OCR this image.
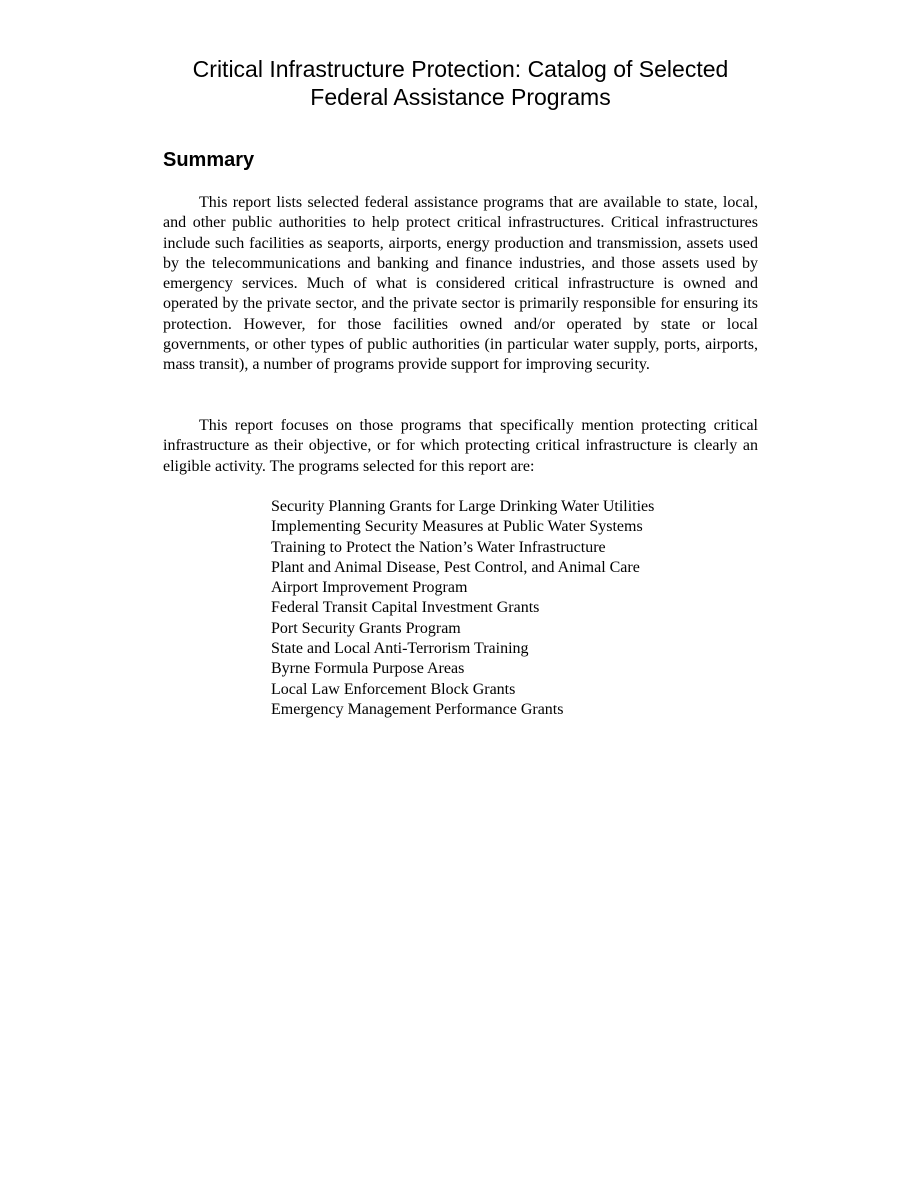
Critical Infrastructure Protection: Catalog of Selected
Federal Assistance Programs
Summary

This report lists selected federal assistance programs that are available to state, local, and other public authorities to help protect critical infrastructures. Critical infrastructures include such facilities as seaports, airports, energy production and transmission, assets used by the telecommunications and banking and finance industries, and those assets used by emergency services. Much of what is considered critical infrastructure is owned and operated by the private sector, and the private sector is primarily responsible for ensuring its protection. However, for those facilities owned and/or operated by state or local governments, or other types of public authorities (in particular water supply, ports, airports, mass transit), a number of programs provide support for improving security.

This report focuses on those programs that specifically mention protecting critical infrastructure as their objective, or for which protecting critical infrastructure is clearly an eligible activity. The programs selected for this report are:

Security Planning Grants for Large Drinking Water Utilities
Implementing Security Measures at Public Water Systems
Training to Protect the Nation’s Water Infrastructure
Plant and Animal Disease, Pest Control, and Animal Care
Airport Improvement Program
Federal Transit Capital Investment Grants
Port Security Grants Program
State and Local Anti-Terrorism Training
Byrne Formula Purpose Areas
Local Law Enforcement Block Grants
Emergency Management Performance Grants
